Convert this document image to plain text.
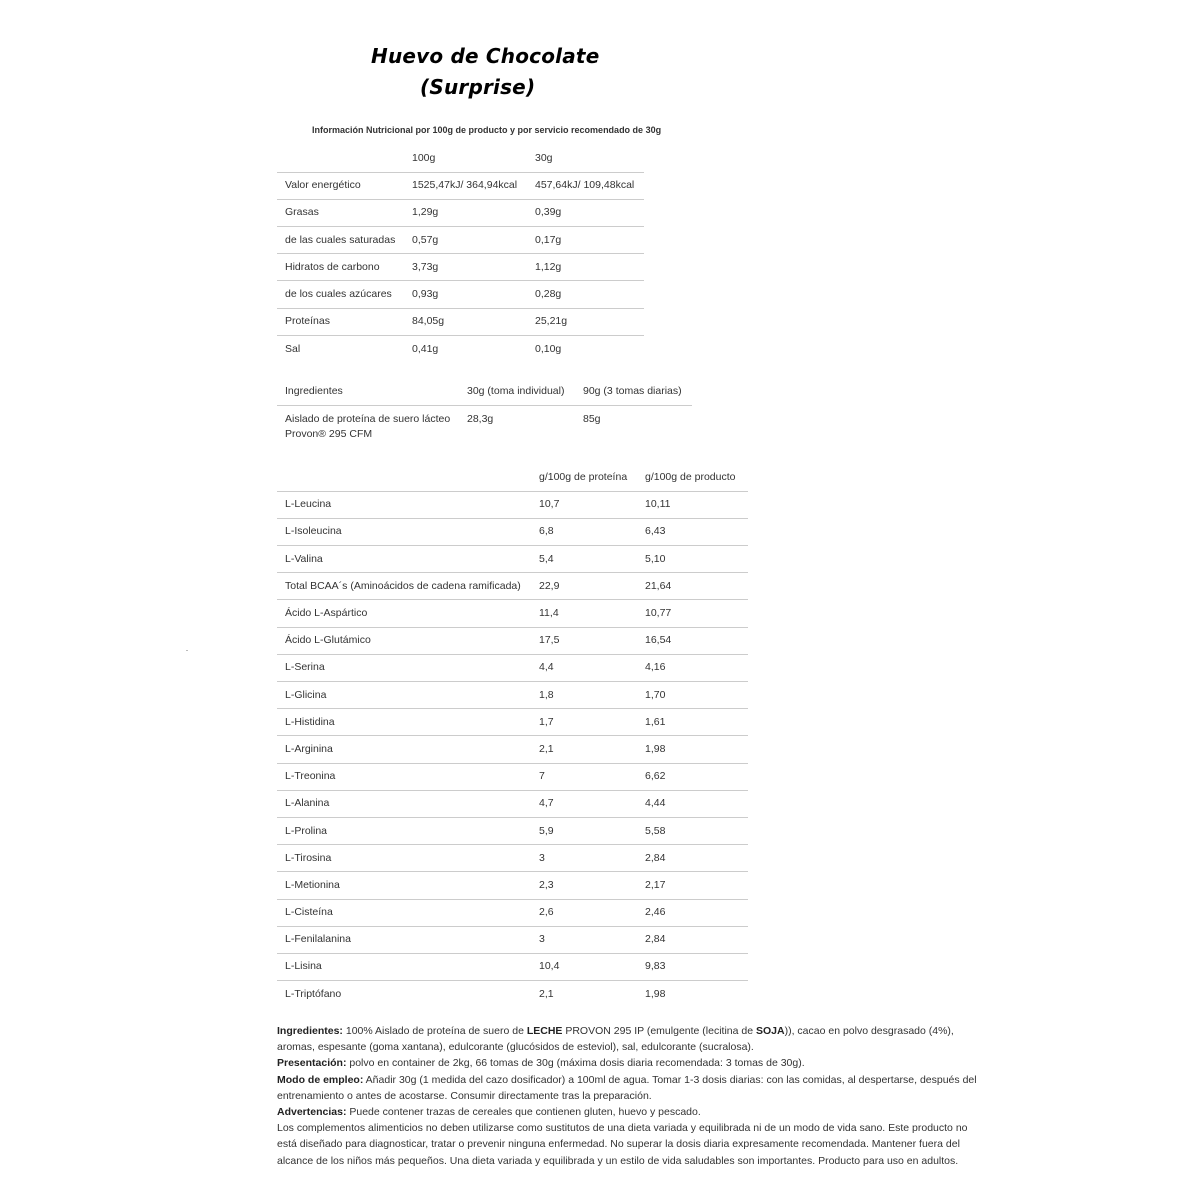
Huevo de Chocolate
(Surprise)
Información Nutricional por 100g de producto y por servicio recomendado de 30g
	100g	30g
Valor energético	1525,47kJ/ 364,94kcal	457,64kJ/ 109,48kcal
Grasas	1,29g	0,39g
de las cuales saturadas	0,57g	0,17g
Hidratos de carbono	3,73g	1,12g
de los cuales azúcares	0,93g	0,28g
Proteínas	84,05g	25,21g
Sal	0,41g	0,10g
Ingredientes	30g (toma individual)	90g (3 tomas diarias)
Aislado de proteína de suero lácteo Provon® 295 CFM	28,3g	85g
	g/100g de proteína	g/100g de producto
L-Leucina	10,7	10,11
L-Isoleucina	6,8	6,43
L-Valina	5,4	5,10
Total BCAA´s (Aminoácidos de cadena ramificada)	22,9	21,64
Ácido L-Aspártico	11,4	10,77
Ácido L-Glutámico	17,5	16,54
L-Serina	4,4	4,16
L-Glicina	1,8	1,70
L-Histidina	1,7	1,61
L-Arginina	2,1	1,98
L-Treonina	7	6,62
L-Alanina	4,7	4,44
L-Prolina	5,9	5,58
L-Tirosina	3	2,84
L-Metionina	2,3	2,17
L-Cisteína	2,6	2,46
L-Fenilalanina	3	2,84
L-Lisina	10,4	9,83
L-Triptófano	2,1	1,98

Ingredientes: 100% Aislado de proteína de suero de LECHE PROVON 295 IP (emulgente (lecitina de SOJA)), cacao en polvo desgrasado (4%), aromas, espesante (goma xantana), edulcorante (glucósidos de esteviol), sal, edulcorante (sucralosa).

Presentación: polvo en container de 2kg, 66 tomas de 30g (máxima dosis diaria recomendada: 3 tomas de 30g).

Modo de empleo: Añadir 30g (1 medida del cazo dosificador) a 100ml de agua. Tomar 1-3 dosis diarias: con las comidas, al despertarse, después del entrenamiento o antes de acostarse. Consumir directamente tras la preparación.

Advertencias: Puede contener trazas de cereales que contienen gluten, huevo y pescado.

Los complementos alimenticios no deben utilizarse como sustitutos de una dieta variada y equilibrada ni de un modo de vida sano. Este producto no está diseñado para diagnosticar, tratar o prevenir ninguna enfermedad. No superar la dosis diaria expresamente recomendada. Mantener fuera del alcance de los niños más pequeños. Una dieta variada y equilibrada y un estilo de vida saludables son importantes. Producto para uso en adultos.
